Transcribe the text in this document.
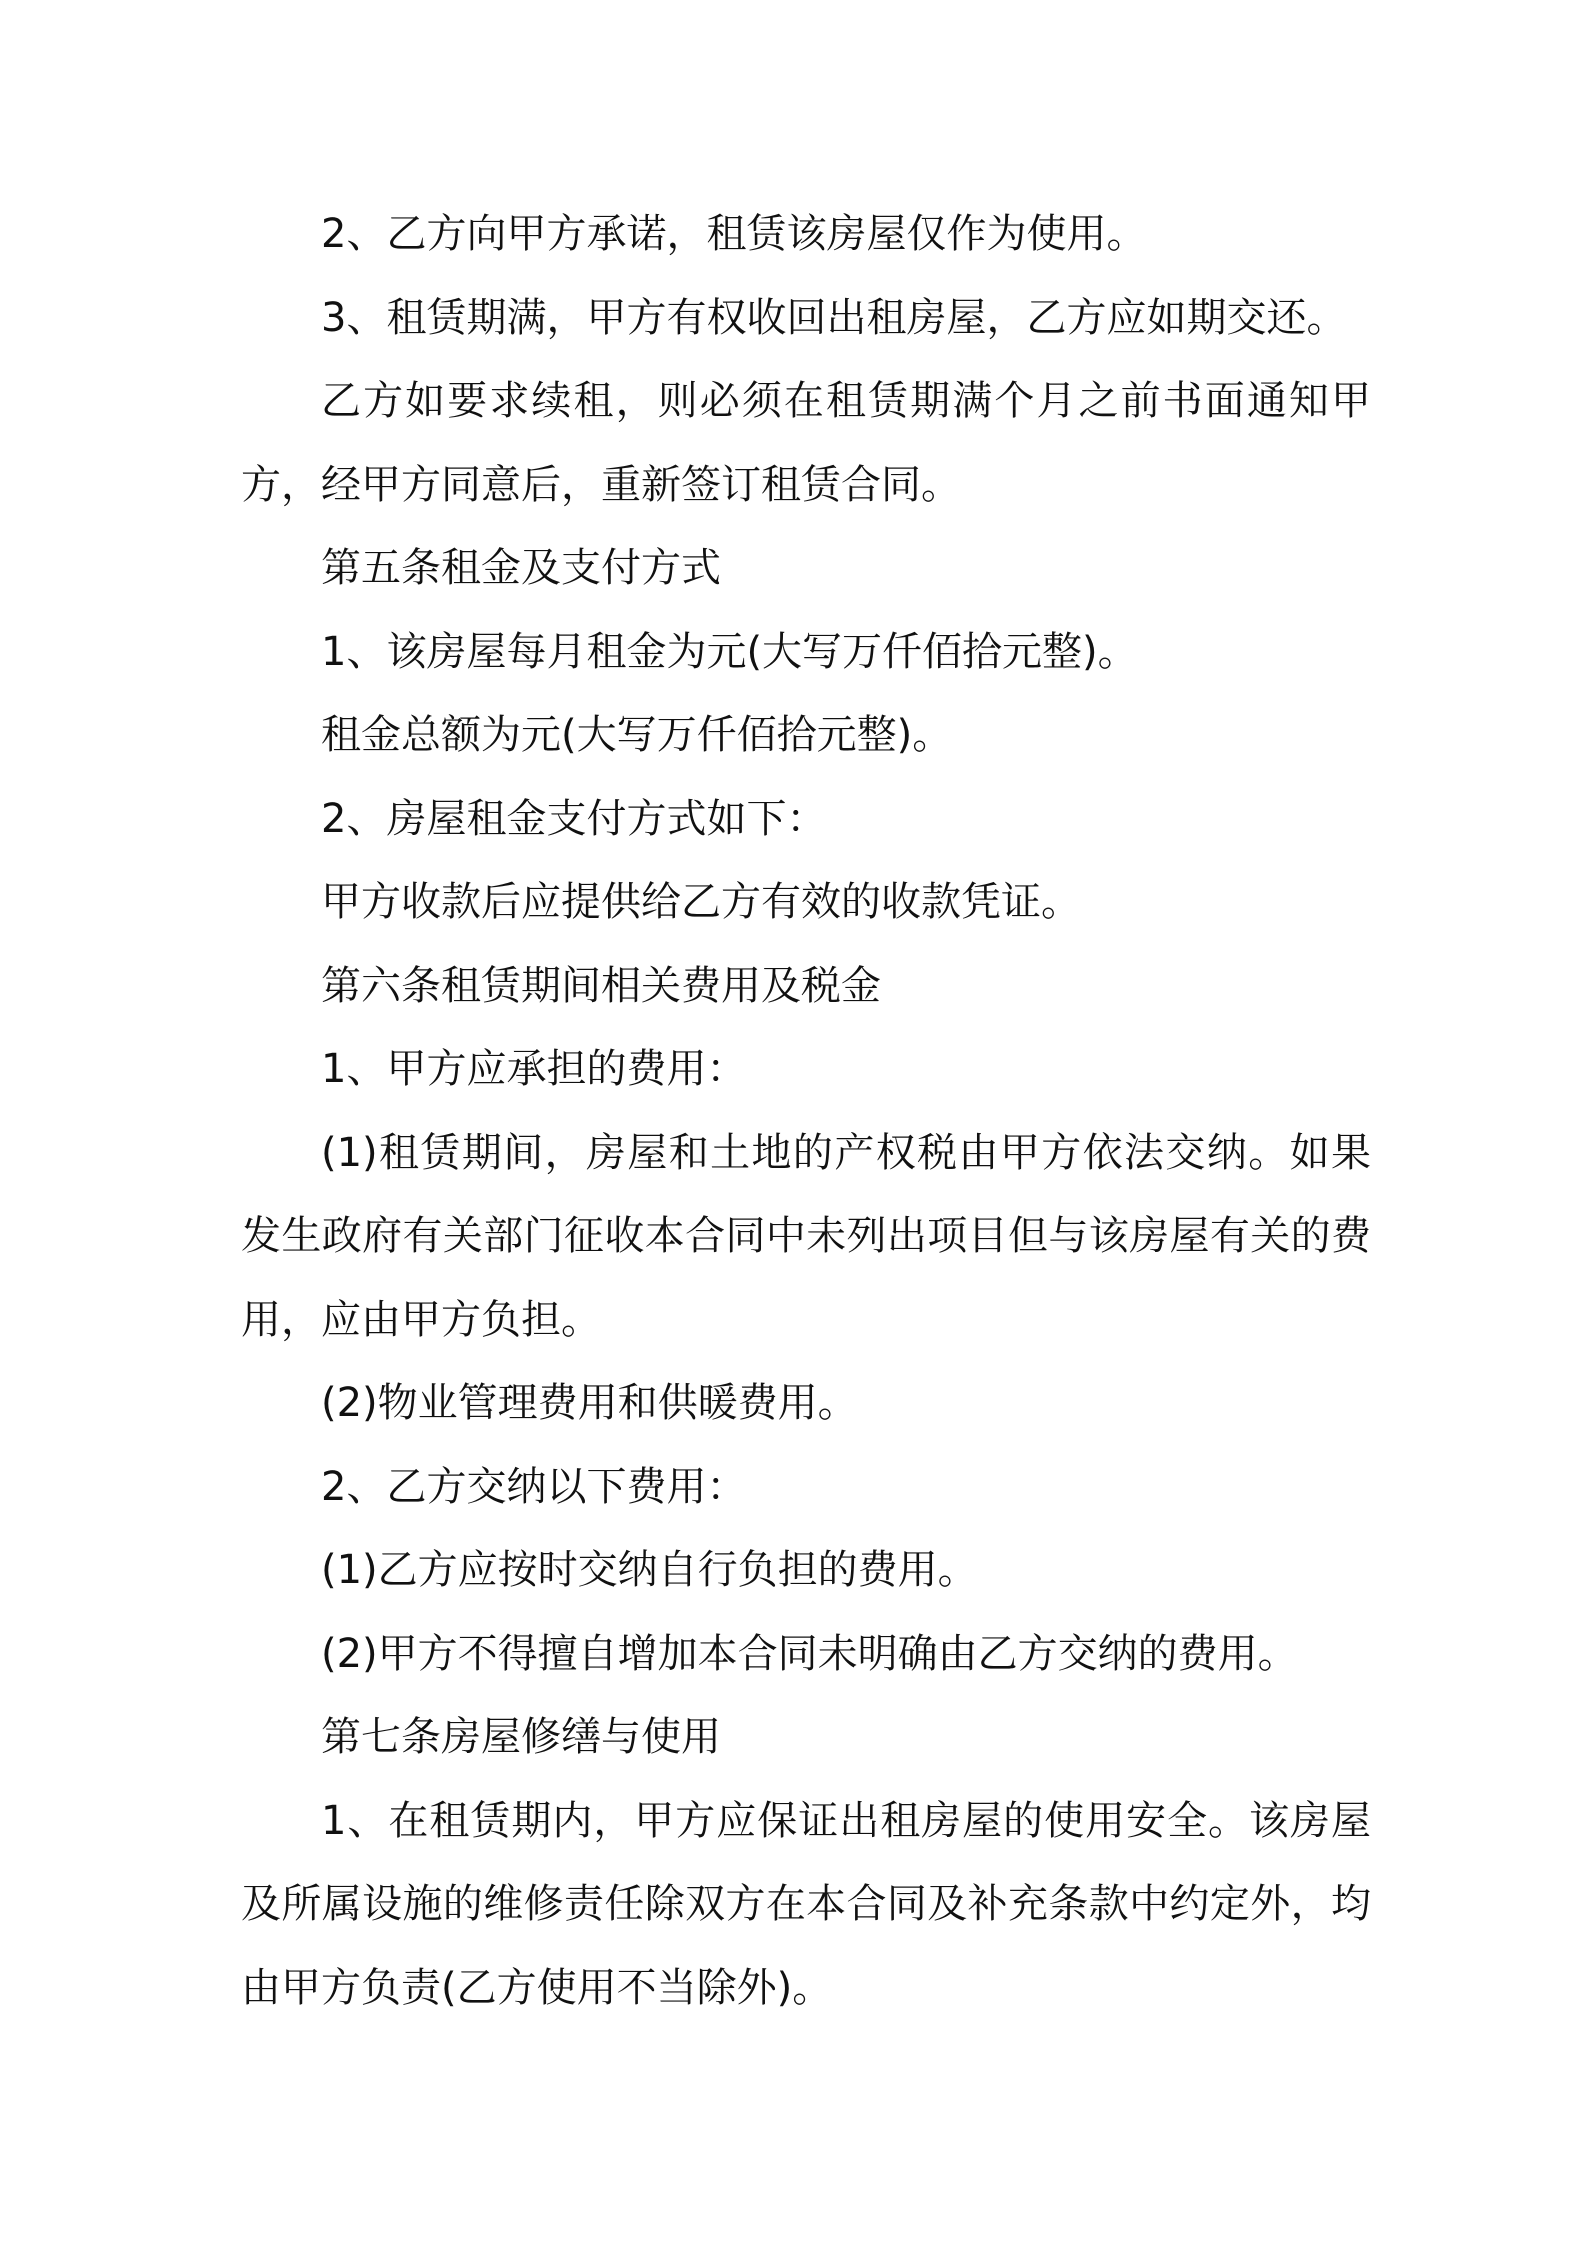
2、乙方向甲方承诺，租赁该房屋仅作为使用。

3、租赁期满，甲方有权收回出租房屋，乙方应如期交还。

乙方如要求续租，则必须在租赁期满个月之前书面通知甲方，经甲方同意后，重新签订租赁合同。

第五条租金及支付方式

1、该房屋每月租金为元(大写万仟佰拾元整)。

租金总额为元(大写万仟佰拾元整)。

2、房屋租金支付方式如下：

甲方收款后应提供给乙方有效的收款凭证。

第六条租赁期间相关费用及税金

1、甲方应承担的费用：

(1)租赁期间，房屋和土地的产权税由甲方依法交纳。如果发生政府有关部门征收本合同中未列出项目但与该房屋有关的费用，应由甲方负担。

(2)物业管理费用和供暖费用。

2、乙方交纳以下费用：

(1)乙方应按时交纳自行负担的费用。

(2)甲方不得擅自增加本合同未明确由乙方交纳的费用。

第七条房屋修缮与使用

1、在租赁期内，甲方应保证出租房屋的使用安全。该房屋及所属设施的维修责任除双方在本合同及补充条款中约定外，均由甲方负责(乙方使用不当除外)。
